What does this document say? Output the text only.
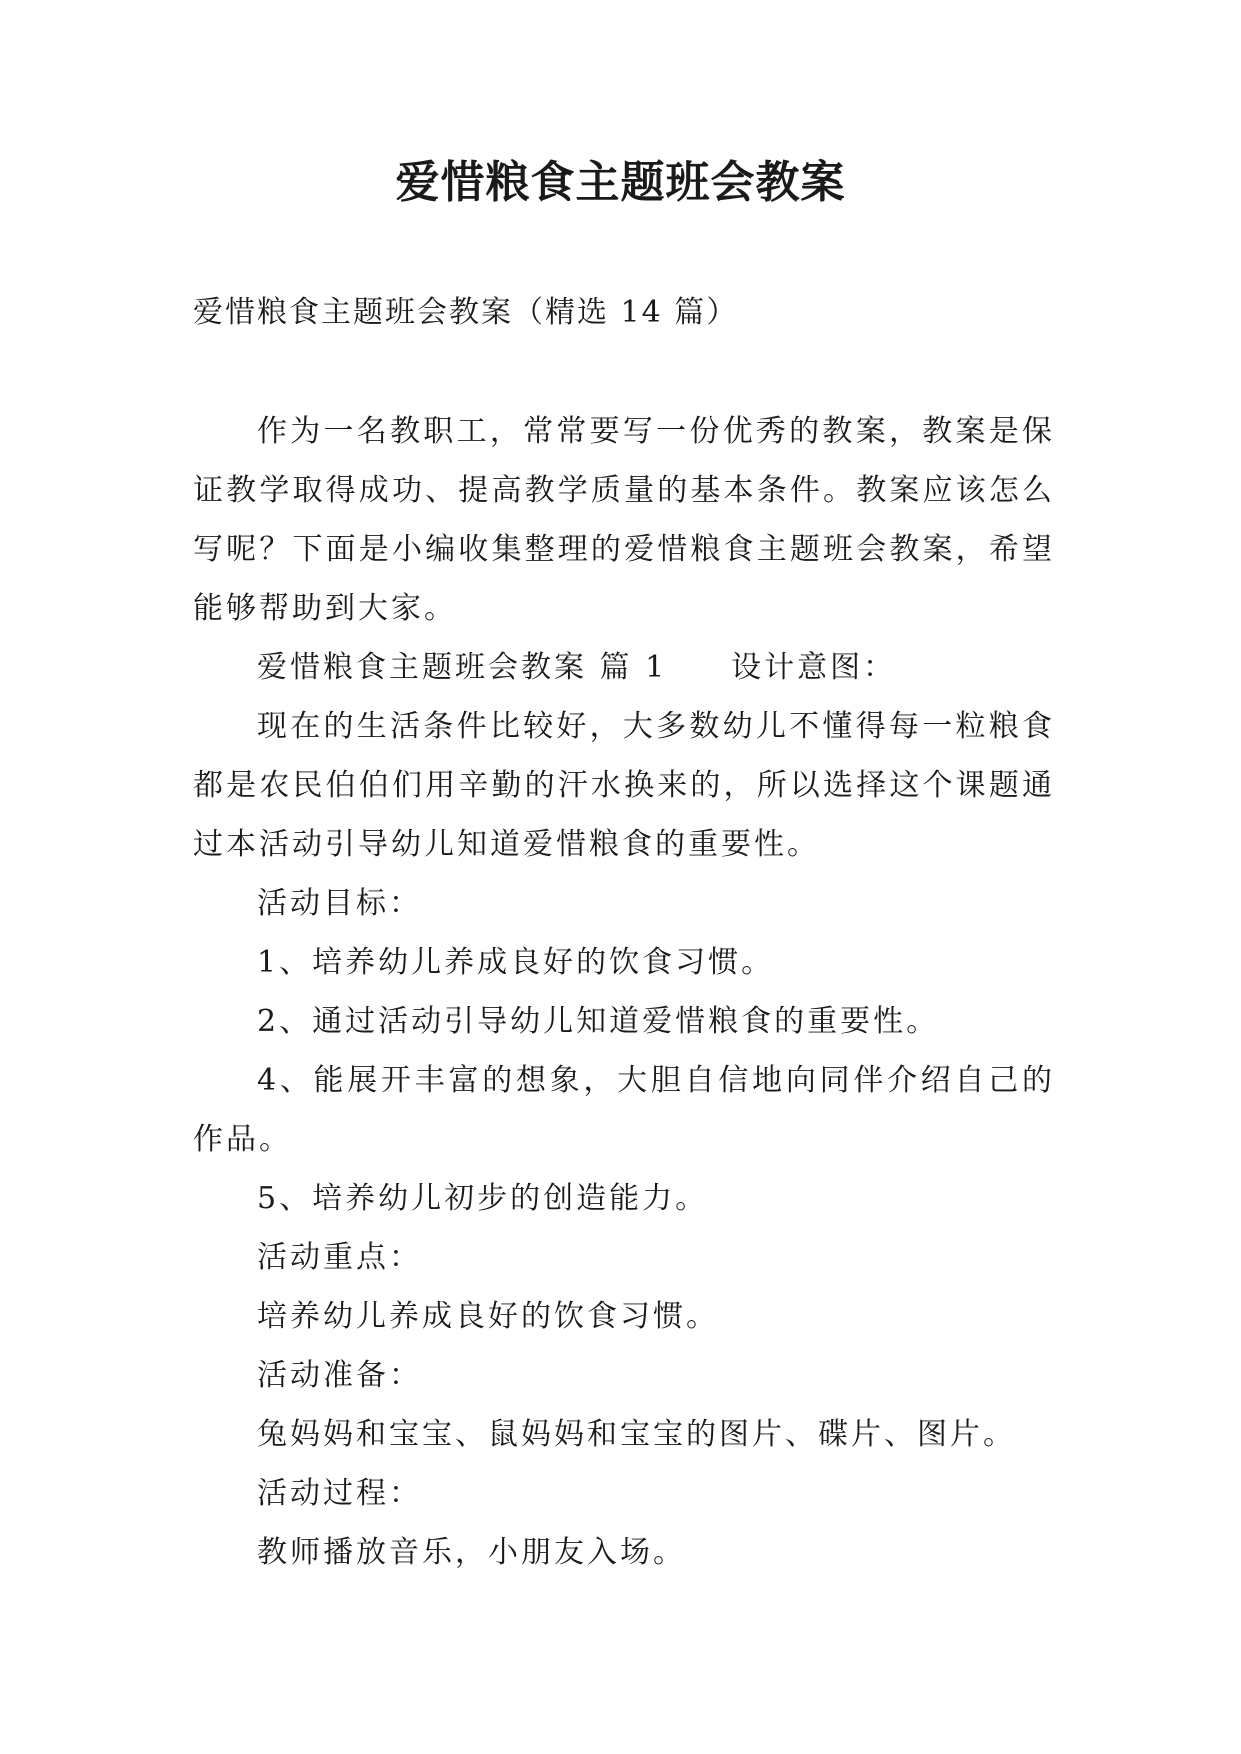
爱惜粮食主题班会教案
爱惜粮食主题班会教案（精选 14 篇）

作为一名教职工，常常要写一份优秀的教案，教案是保证教学取得成功、提高教学质量的基本条件。教案应该怎么写呢？下面是小编收集整理的爱惜粮食主题班会教案，希望能够帮助到大家。

爱惜粮食主题班会教案 篇 1 设计意图：

现在的生活条件比较好，大多数幼儿不懂得每一粒粮食都是农民伯伯们用辛勤的汗水换来的，所以选择这个课题通过本活动引导幼儿知道爱惜粮食的重要性。

活动目标：

1、培养幼儿养成良好的饮食习惯。

2、通过活动引导幼儿知道爱惜粮食的重要性。

4、能展开丰富的想象，大胆自信地向同伴介绍自己的作品。

5、培养幼儿初步的创造能力。

活动重点：

培养幼儿养成良好的饮食习惯。

活动准备：

兔妈妈和宝宝、鼠妈妈和宝宝的图片、碟片、图片。

活动过程：

教师播放音乐，小朋友入场。
